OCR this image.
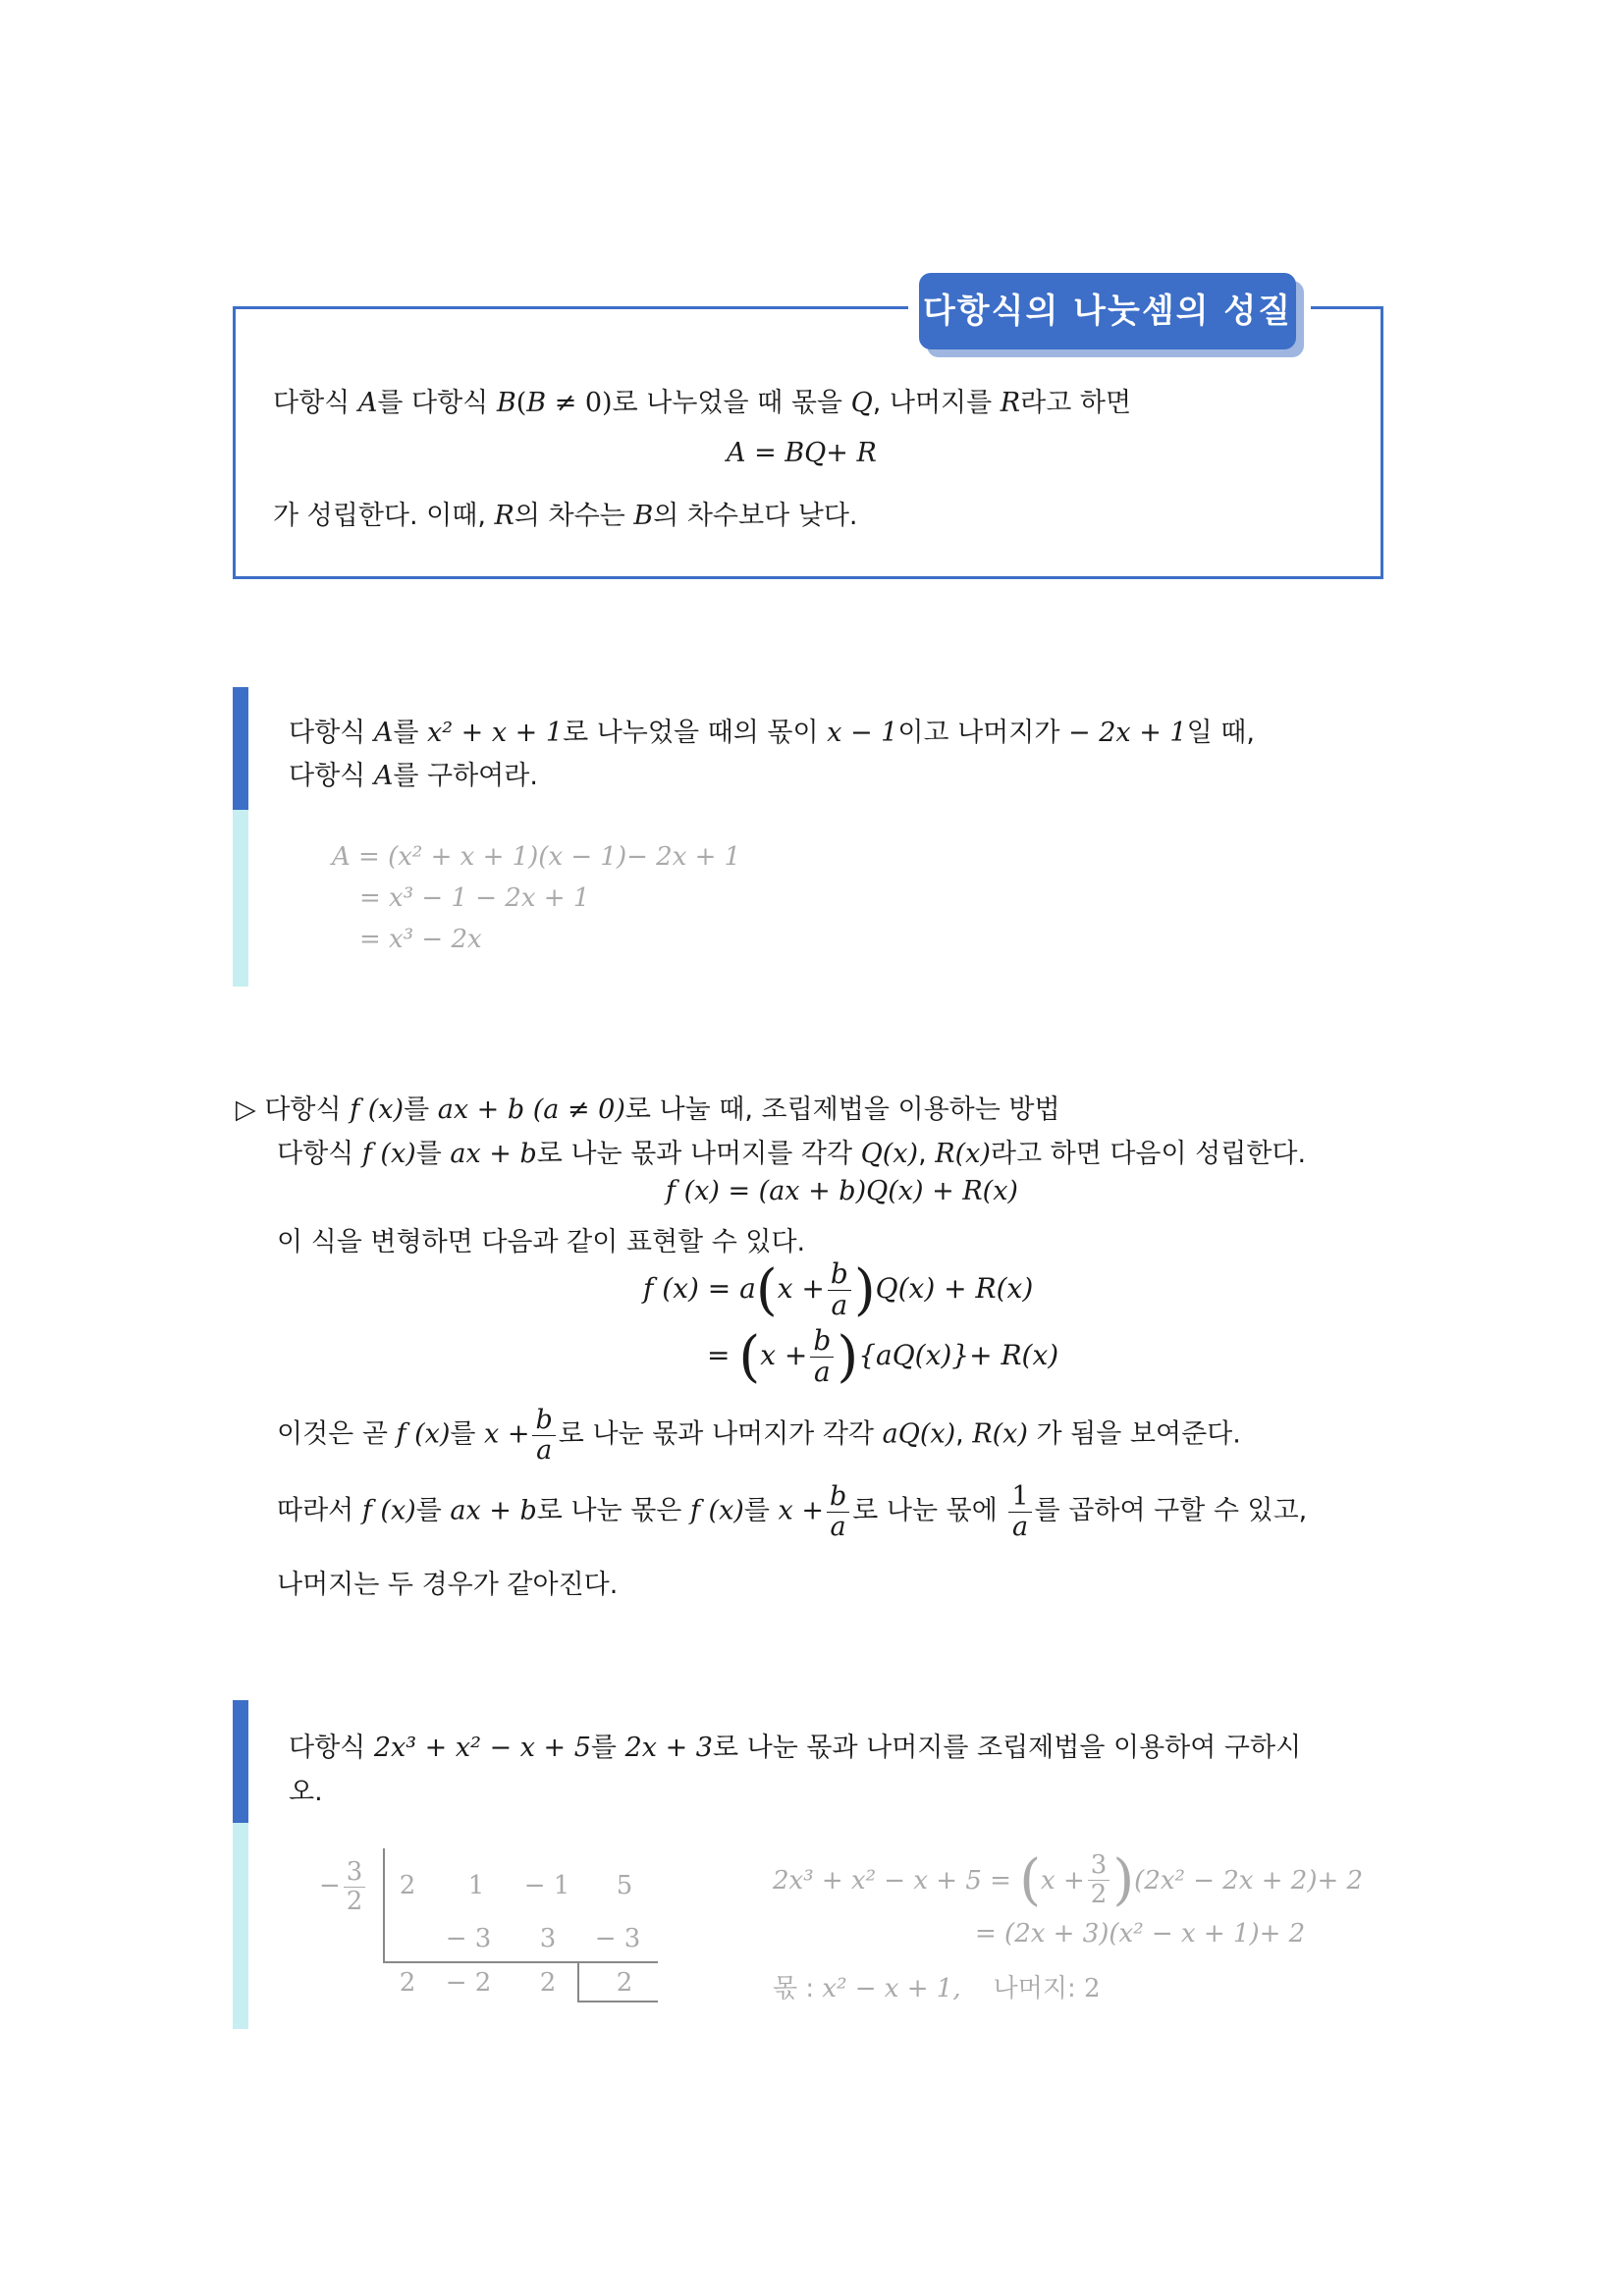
다항식의 나눗셈의 성질
다항식 A를 다항식 B(B ≠ 0)로 나누었을 때 몫을 Q, 나머지를 R라고 하면
A = BQ+ R
가 성립한다. 이때, R의 차수는 B의 차수보다 낮다.
다항식 A를 x² + x + 1로 나누었을 때의 몫이 x − 1이고 나머지가 − 2x + 1일 때,
다항식 A를 구하여라.
A = (x² + x + 1)(x − 1)− 2x + 1
= x³ − 1 − 2x + 1
= x³ − 2x
▷ 다항식 f (x)를 ax + b (a ≠ 0)로 나눌 때, 조립제법을 이용하는 방법
다항식 f (x)를 ax + b로 나눈 몫과 나머지를 각각 Q(x), R(x)라고 하면 다음이 성립한다.
f (x) = (ax + b)Q(x) + R(x)
이 식을 변형하면 다음과 같이 표현할 수 있다.
f $(x) = a(x + \frac{b}{a} )Q(x) + R(x)$
= $(x + \frac{b}{a} )\{aQ(x)\}+ R(x)$
이것은 곧 f (x)를 $x + \frac{b}{a}$ 로 나눈 몫과 나머지가 각각 aQ(x), R(x) 가 됨을 보여준다.
따라서 f (x)를 ax + b로 나눈 몫은 f (x)를 $x + \frac{b}{a}$ 로 나눈 몫에 $\frac{1}{a}$ 를 곱하여 구할 수 있고,
나머지는 두 경우가 같아진다.
다항식 2x³ + x² − x + 5를 2x + 3로 나눈 몫과 나머지를 조립제법을 이용하여 구하시
오.
− $\frac{3}{2} 2$ 1 − 1 5
− 3 3 − 3
2 − 2 2 2
2x³ + x² − x + 5 =
( $x + \frac{3}{2}$ ) (2x² − 2x + 2)+ 2
= (2x + 3)(x² − x + 1)+ 2
몫 : x² − x + 1, 나머지: 2
